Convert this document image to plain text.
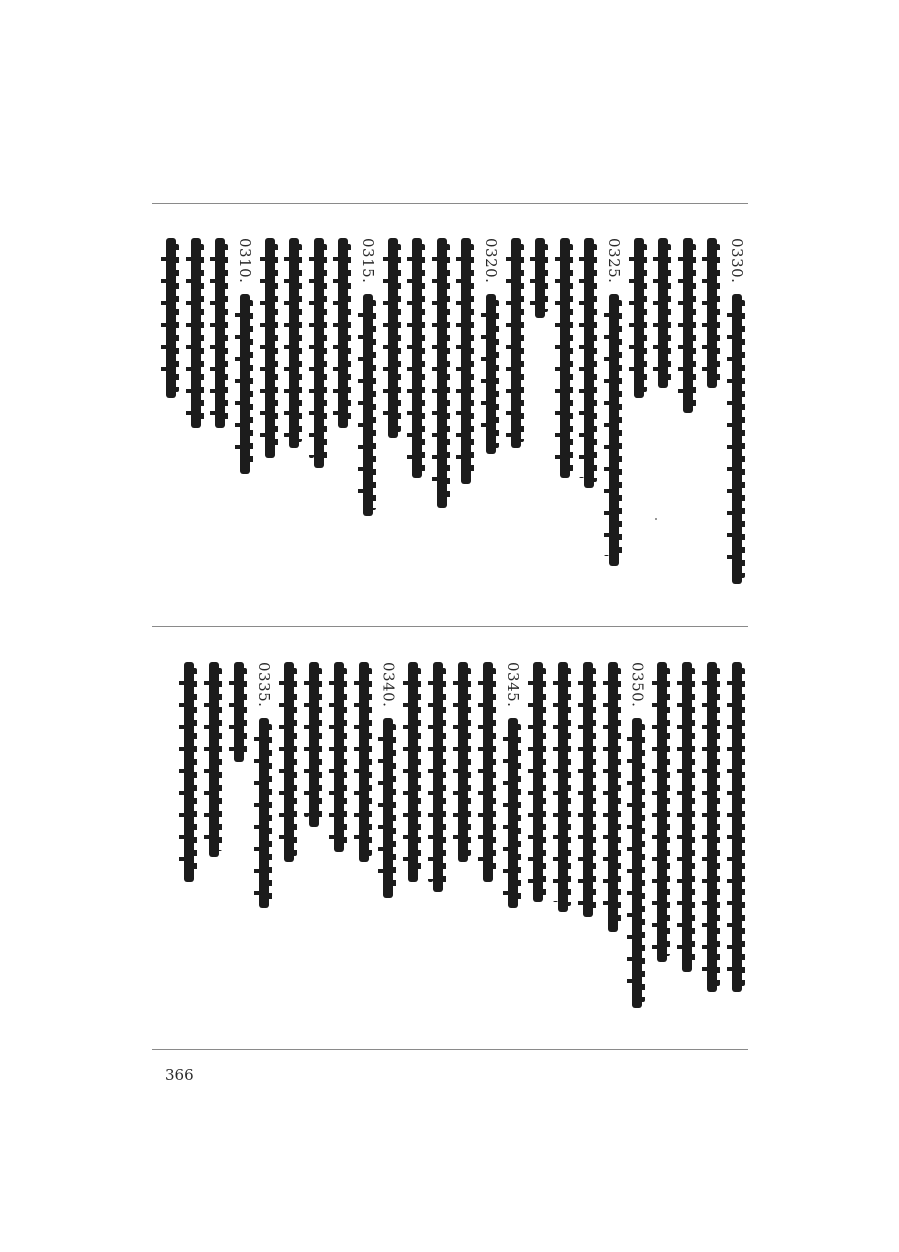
0330.
0325.
0320.
0315.
0310.
0350.
0345.
0340.
0335.
366
